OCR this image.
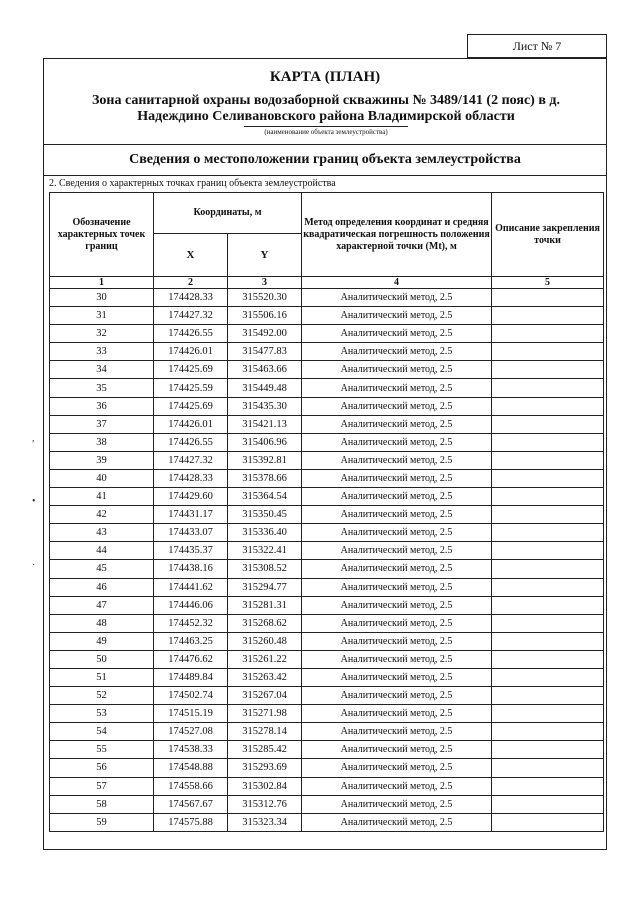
Лист № 7
КАРТА (ПЛАН)
Зона санитарной охраны водозаборной скважины № 3489/141 (2 пояс) в д. Надеждино Селивановского района Владимирской области
(наименование объекта землеустройства)
Сведения о местоположении границ объекта землеустройства
2. Сведения о характерных точках границ объекта землеустройства
Обозначение характерных точек границ	Координаты, м		Метод определения координат и средняя квадратическая погрешность положения характерной точки (Mt), м	Описание закрепления точки
	X	Y		
1	2	3	4	5
30	174428.33	315520.30	Аналитический метод, 2.5	
31	174427.32	315506.16	Аналитический метод, 2.5	
32	174426.55	315492.00	Аналитический метод, 2.5	
33	174426.01	315477.83	Аналитический метод, 2.5	
34	174425.69	315463.66	Аналитический метод, 2.5	
35	174425.59	315449.48	Аналитический метод, 2.5	
36	174425.69	315435.30	Аналитический метод, 2.5	
37	174426.01	315421.13	Аналитический метод, 2.5	
38	174426.55	315406.96	Аналитический метод, 2.5	
39	174427.32	315392.81	Аналитический метод, 2.5	
40	174428.33	315378.66	Аналитический метод, 2.5	
41	174429.60	315364.54	Аналитический метод, 2.5	
42	174431.17	315350.45	Аналитический метод, 2.5	
43	174433.07	315336.40	Аналитический метод, 2.5	
44	174435.37	315322.41	Аналитический метод, 2.5	
45	174438.16	315308.52	Аналитический метод, 2.5	
46	174441.62	315294.77	Аналитический метод, 2.5	
47	174446.06	315281.31	Аналитический метод, 2.5	
48	174452.32	315268.62	Аналитический метод, 2.5	
49	174463.25	315260.48	Аналитический метод, 2.5	
50	174476.62	315261.22	Аналитический метод, 2.5	
51	174489.84	315263.42	Аналитический метод, 2.5	
52	174502.74	315267.04	Аналитический метод, 2.5	
53	174515.19	315271.98	Аналитический метод, 2.5	
54	174527.08	315278.14	Аналитический метод, 2.5	
55	174538.33	315285.42	Аналитический метод, 2.5	
56	174548.88	315293.69	Аналитический метод, 2.5	
57	174558.66	315302.84	Аналитический метод, 2.5	
58	174567.67	315312.76	Аналитический метод, 2.5	
59	174575.88	315323.34	Аналитический метод, 2.5	
,
•
·
